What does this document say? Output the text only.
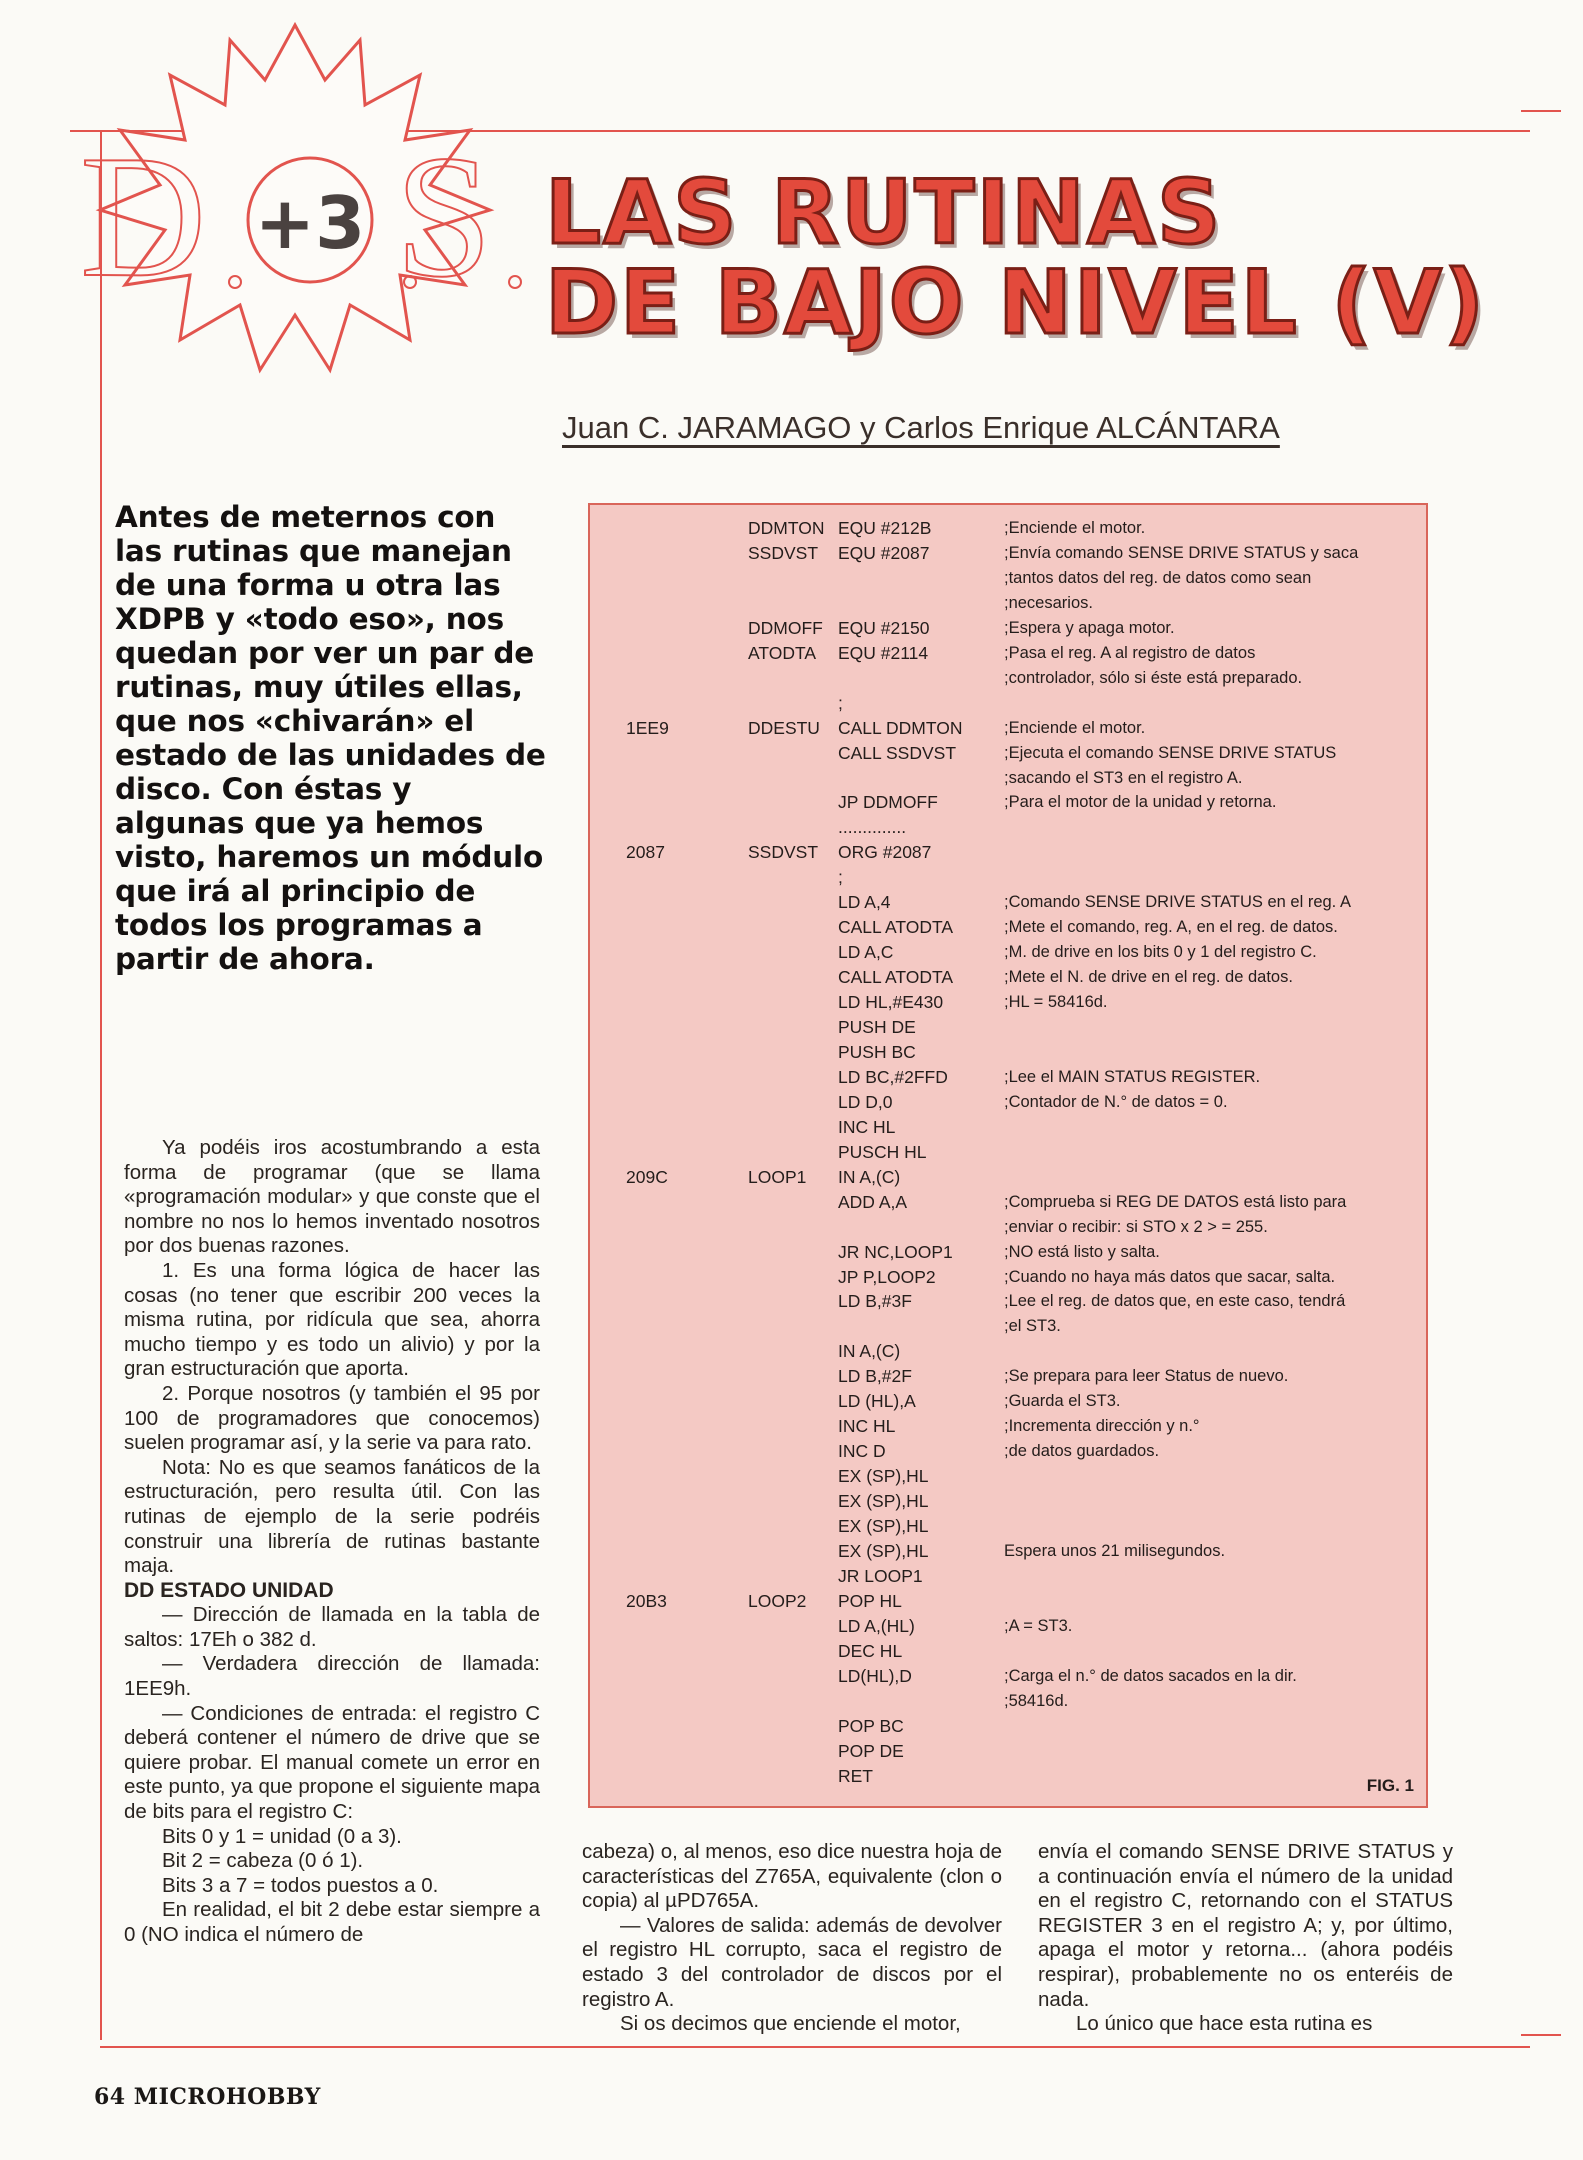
D S
+3 LAS RUTINAS
DE BAJO NIVEL (V)
Juan C. JARAMAGO y Carlos Enrique ALCÁNTARA

Antes de meternos con las rutinas que manejan de una forma u otra las XDPB y «todo eso», nos quedan por ver un par de rutinas, muy útiles ellas, que nos «chivarán» el estado de las unidades de disco. Con éstas y algunas que ya hemos visto, haremos un módulo que irá al principio de todos los programas a partir de ahora.

Ya podéis iros acostumbrando a esta forma de programar (que se llama «programación modular» y que conste que el nombre no nos lo hemos inventado nosotros por dos buenas razones.

1. Es una forma lógica de hacer las cosas (no tener que escribir 200 veces la misma rutina, por ridícula que sea, ahorra mucho tiempo y es todo un alivio) y por la gran estructuración que aporta.

2. Porque nosotros (y también el 95 por 100 de programadores que conocemos) suelen programar así, y la serie va para rato.

Nota: No es que seamos fanáticos de la estructuración, pero resulta útil. Con las rutinas de ejemplo de la serie podréis construir una librería de rutinas bastante maja.

DD ESTADO UNIDAD

— Dirección de llamada en la tabla de saltos: 17Eh o 382 d.

— Verdadera dirección de llamada: 1EE9h.

— Condiciones de entrada: el registro C deberá contener el número de drive que se quiere probar. El manual comete un error en este punto, ya que propone el siguiente mapa de bits para el registro C:

Bits 0 y 1 = unidad (0 a 3).

Bit 2 = cabeza (0 ó 1).

Bits 3 a 7 = todos puestos a 0.

En realidad, el bit 2 debe estar siempre a 0 (NO indica el número de

DDMTON EQU #212B	;Enciende el motor.
SSDVST EQU #2087	;Envía comando SENSE DRIVE STATUS y saca
;tantos datos del reg. de datos como sean
;necesarios.
DDMOFF EQU #2150	;Espera y apaga motor.
ATODTA EQU #2114	;Pasa el reg. A al registro de datos
;controlador, sólo si éste está preparado.
;
1EE9	DDESTU CALL DDMTON	;Enciende el motor.
CALL SSDVST	;Ejecuta el comando SENSE DRIVE STATUS
;sacando el ST3 en el registro A.
JP DDMOFF	;Para el motor de la unidad y retorna.
..............
2087	SSDVST ORG #2087
;
LD A,4	;Comando SENSE DRIVE STATUS en el reg. A
CALL ATODTA	;Mete el comando, reg. A, en el reg. de datos.
LD A,C	;M. de drive en los bits 0 y 1 del registro C.
CALL ATODTA	;Mete el N. de drive en el reg. de datos.
LD HL,#E430	;HL = 58416d.
PUSH DE
PUSH BC
LD BC,#2FFD	;Lee el MAIN STATUS REGISTER.
LD D,0	;Contador de N.° de datos = 0.
INC HL
PUSCH HL
209C	LOOP1 IN A,(C)
ADD A,A	;Comprueba si REG DE DATOS está listo para
;enviar o recibir: si STO x 2 > = 255.
JR NC,LOOP1	;NO está listo y salta.
JP P,LOOP2	;Cuando no haya más datos que sacar, salta.
LD B,#3F	;Lee el reg. de datos que, en este caso, tendrá
;el ST3.
IN A,(C)
LD B,#2F	;Se prepara para leer Status de nuevo.
LD (HL),A	;Guarda el ST3.
INC HL	;Incrementa dirección y n.°
INC D	;de datos guardados.
EX (SP),HL
EX (SP),HL
EX (SP),HL
EX (SP),HL	Espera unos 21 milisegundos.
JR LOOP1
20B3	LOOP2 POP HL
LD A,(HL)	;A = ST3.
DEC HL
LD(HL),D	;Carga el n.° de datos sacados en la dir.
;58416d.
POP BC
POP DE
RET	FIG. 1

cabeza) o, al menos, eso dice nuestra hoja de características del Z765A, equivalente (clon o copia) al µPD765A.

— Valores de salida: además de devolver el registro HL corrupto, saca el registro de estado 3 del controlador de discos por el registro A.

Si os decimos que enciende el motor,

envía el comando SENSE DRIVE STATUS y a continuación envía el número de la unidad en el registro C, retornando con el STATUS REGISTER 3 en el registro A; y, por último, apaga el motor y retorna... (ahora podéis respirar), probablemente no os enteréis de nada.

Lo único que hace esta rutina es

64 MICROHOBBY
